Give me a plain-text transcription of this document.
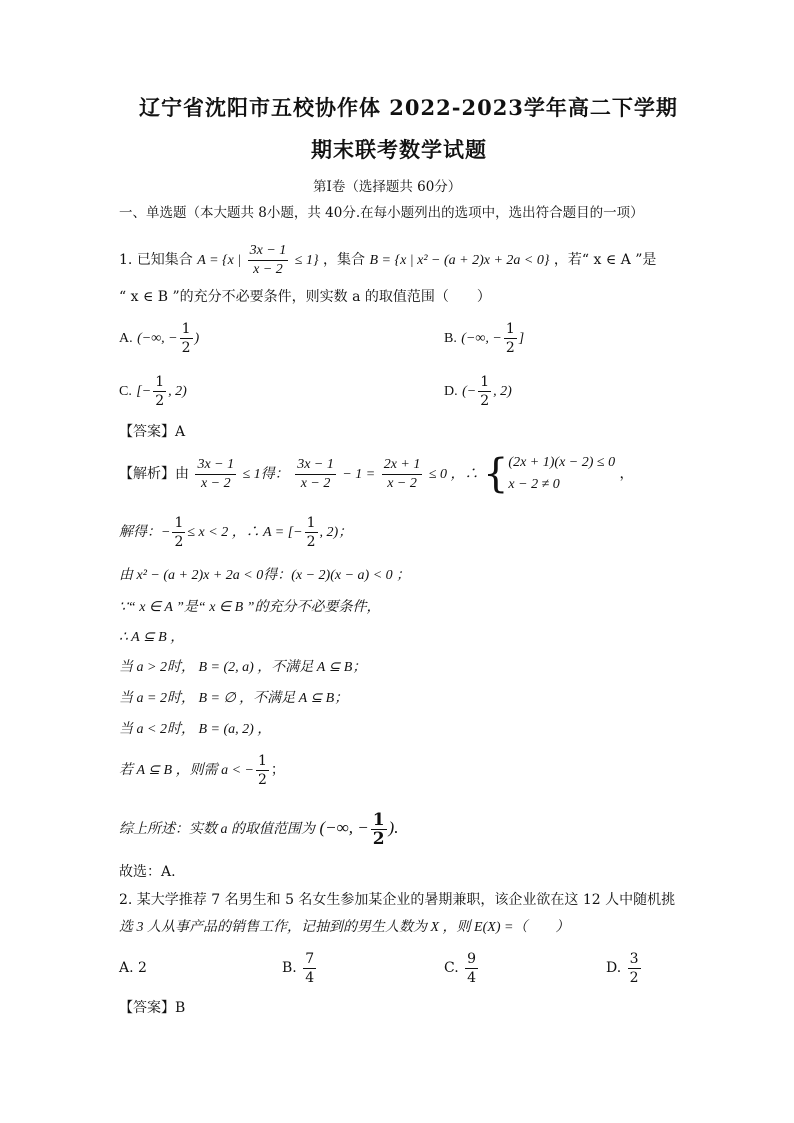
辽宁省沈阳市五校协作体 2022-2023学年高二下学期
期末联考数学试题
第Ⅰ卷（选择题共 60分）
一、单选题（本大题共 8小题，共 40分.在每小题列出的选项中，选出符合题目的一项）
1. 已知集合 A = {x | $\frac{3x - 1}{x - 2} \le 1$} ，集合 B = {x | x² − (a + 2)x + 2a < 0} ，若“ x ∈ A ”是
“ x ∈ B ”的充分不必要条件，则实数 a 的取值范围（　　）
A. (−∞, − $\frac{1}{2}$ )	B. (−∞, − $\frac{1}{2}$ ]
C. [− $\frac{1}{2}$ , 2)	D. (− $\frac{1}{2}$ , 2)
【答案】A
【解析】由 $\frac{3x - 1}{x - 2} \le 1$得： $\frac{3x - 1}{x - 2} - 1 = \frac{2x + 1}{x - 2} \le 0$ ，∴ { (2x + 1)(x − 2) ≤ 0
x − 2 ≠ 0
，
解得：− $\frac{1}{2} \le x < 2$ ，∴ A = [− $\frac{1}{2}$ , 2)；
由 x² − (a + 2)x + 2a < 0得：(x − 2)(x − a) < 0 ；
∵“ x ∈ A ”是“ x ∈ B ”的充分不必要条件，
∴ A ⊆ B ，
当 a > 2时， B = (2, a) ，不满足 A ⊆ B；
当 a = 2时， B = ∅ ，不满足 A ⊆ B；
当 a < 2时， B = (a, 2) ，
若 A ⊆ B ，则需 a < − $\frac{1}{2}$ ；
综上所述：实数 a 的取值范围为 (−∞, − $\frac{1}{2}$ ).
故选：A.
2. 某大学推荐 7 名男生和 5 名女生参加某企业的暑期兼职，该企业欲在这 12 人中随机挑
选 3 人从事产品的销售工作，记抽到的男生人数为 X ，则 E(X) =（　　）
A. 2	B. $\frac{7}{4}$	C. $\frac{9}{4}$	D. $\frac{3}{2}$
【答案】B
